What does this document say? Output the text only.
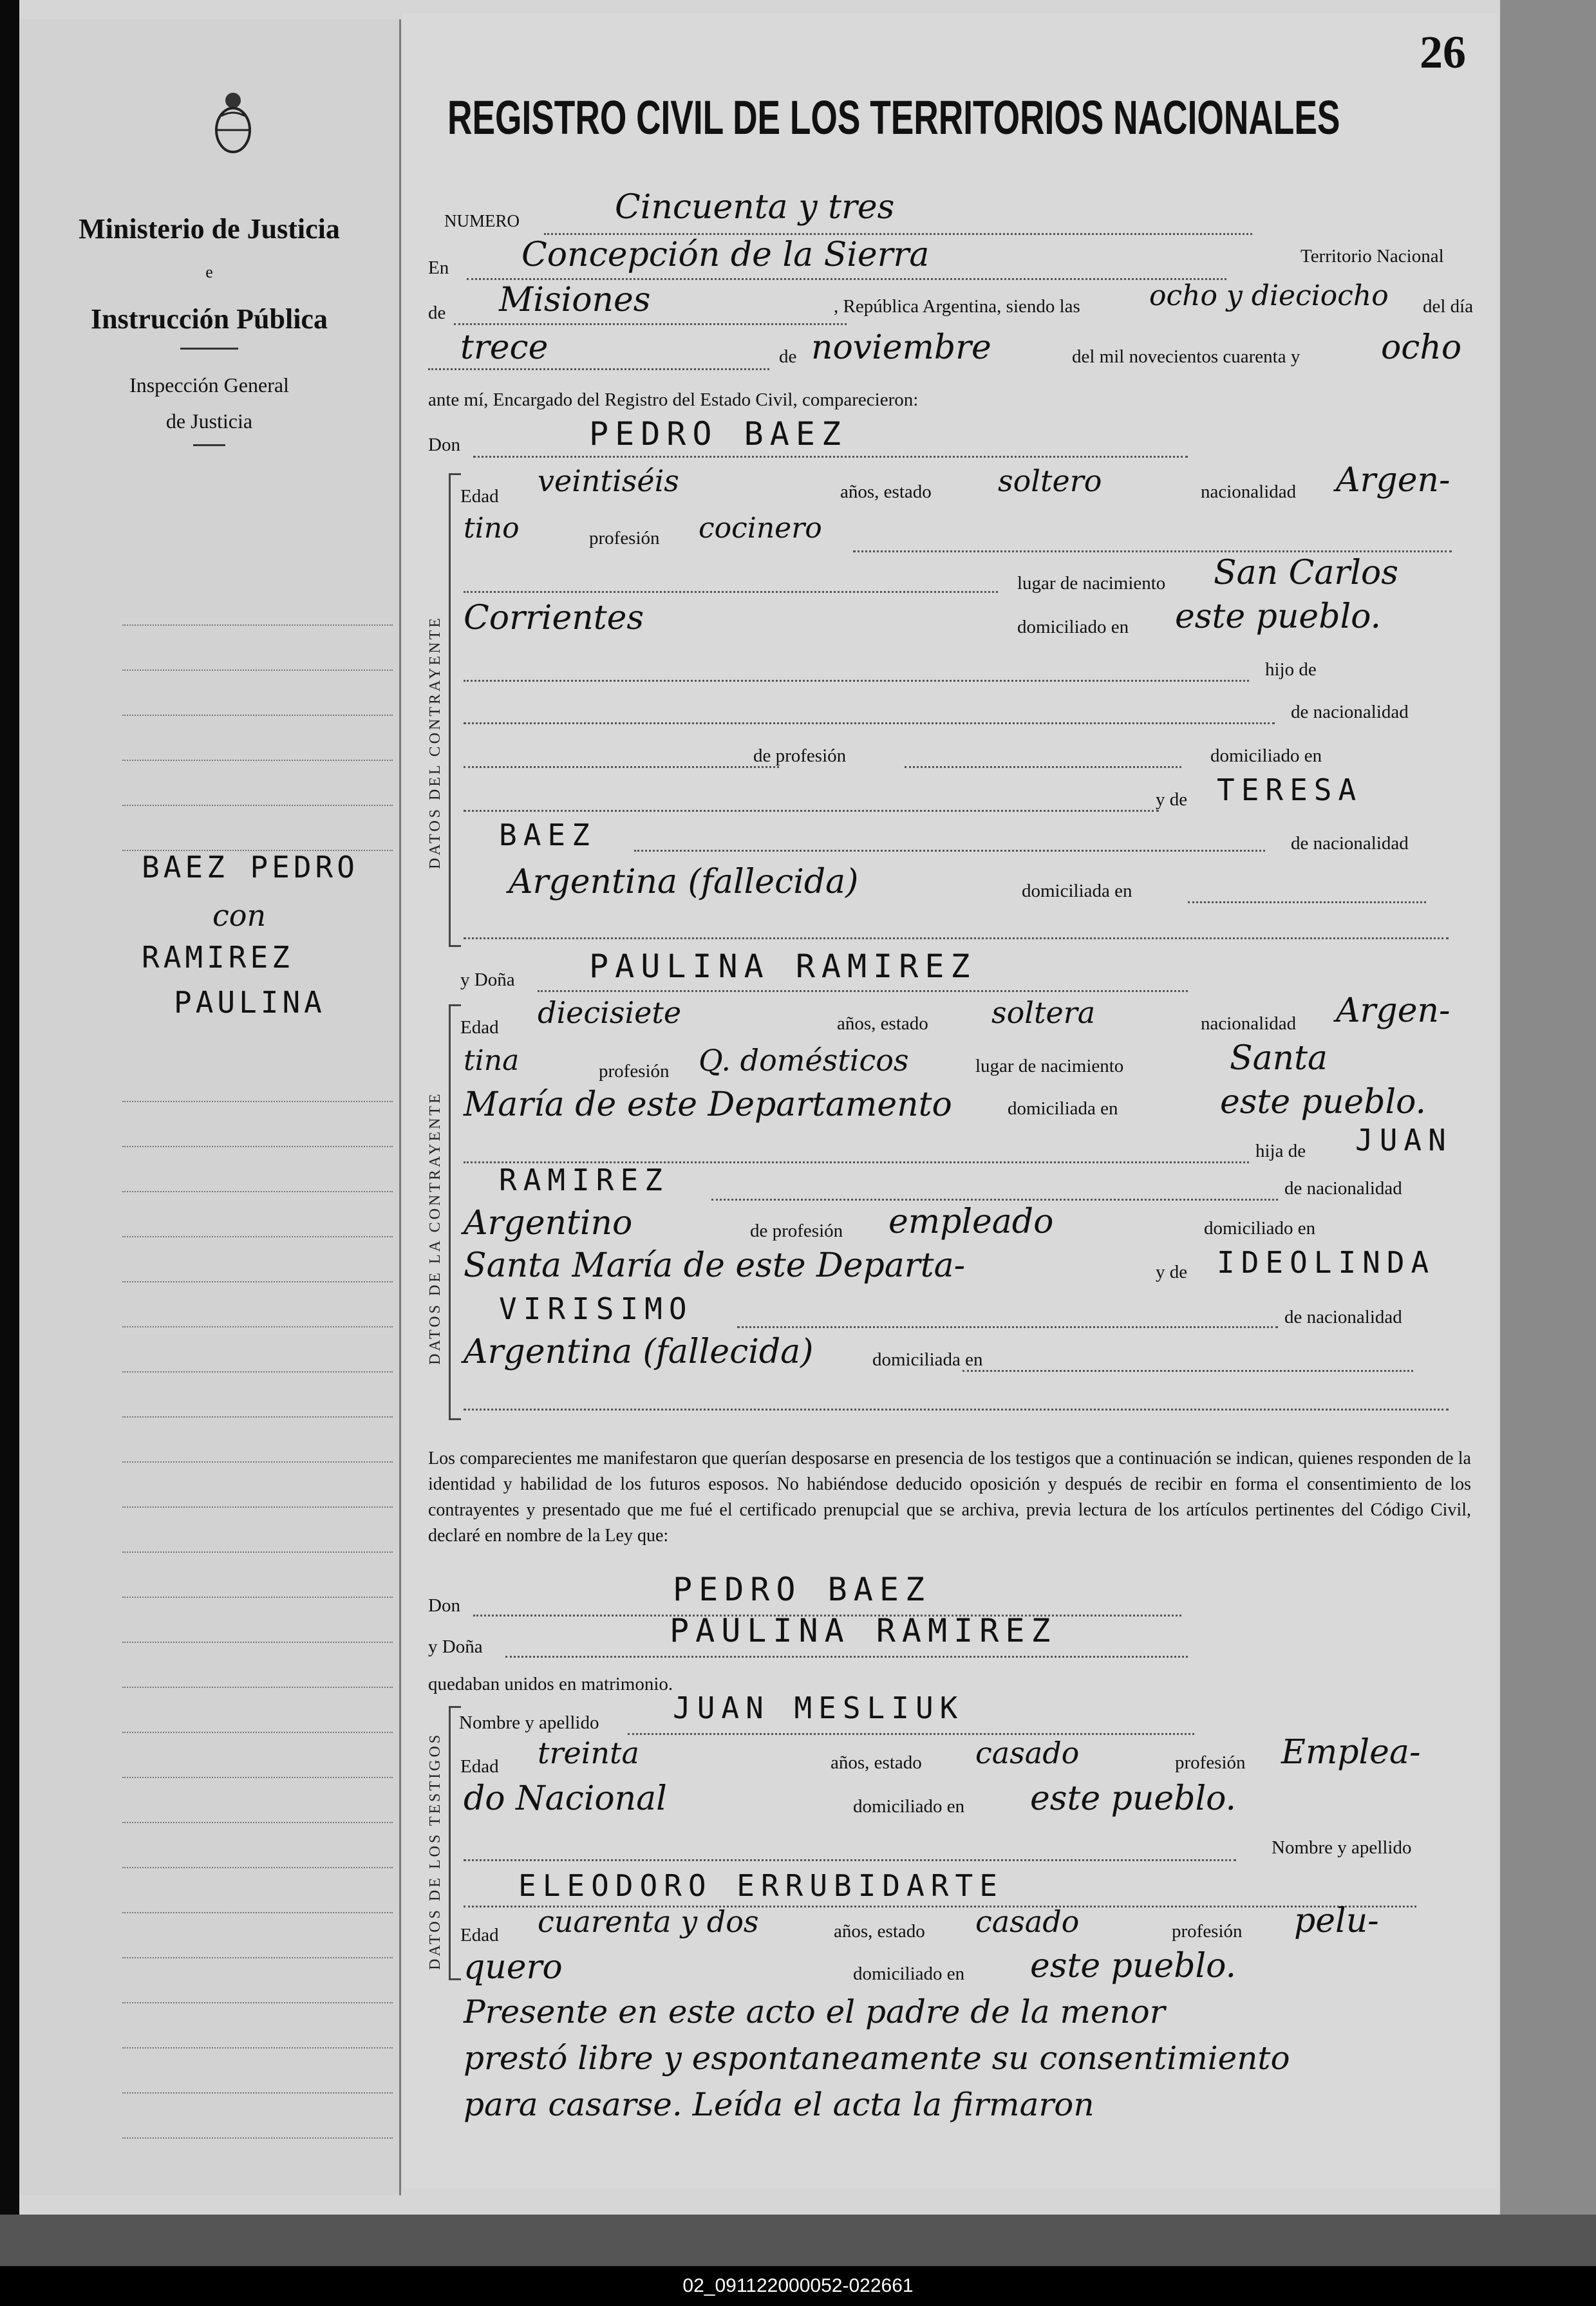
Ministerio de Justicia
e
Instrucción Pública
Inspección General
de Justicia
BAEZ PEDRO
con
RAMIREZ
PAULINA
26
REGISTRO CIVIL DE LOS TERRITORIOS NACIONALES
NUMERO	Cincuenta y tres
En Concepción de la Sierra	Territorio Nacional
de Misiones	, República Argentina, siendo las ocho y dieciocho del día
trece	de noviembre	del mil novecientos cuarenta y ocho
ante mí, Encargado del Registro del Estado Civil, comparecieron:
Don	PEDRO BAEZ
DATOS DEL CONTRAYENTE
Edad veintiséis	años, estado soltero	nacionalidad Argen-
tino	profesión cocinero
lugar de nacimiento San Carlos
Corrientes	domiciliado en este pueblo.
hijo de
de nacionalidad
de profesión	domiciliado en
y de TERESA
BAEZ	de nacionalidad
Argentina (fallecida)	domiciliada en
y Doña PAULINA RAMIREZ
DATOS DE LA CONTRAYENTE
Edad diecisiete	años, estado soltera	nacionalidad Argen-
tina	profesión Q. domésticos	lugar de nacimiento	Santa
María de este Departamento	domiciliada en	este pueblo.
hija de JUAN
RAMIREZ	de nacionalidad
Argentino	de profesión empleado	domiciliado en
Santa María de este Departa-	y de IDEOLINDA
VIRISIMO	de nacionalidad
Argentina (fallecida)	domiciliada en
Los comparecientes me manifestaron que querían desposarse en presencia de los testigos que a continuación se indican, quienes responden de la identidad y habilidad de los futuros esposos. No habiéndose deducido oposición y después de recibir en forma el consentimiento de los contrayentes y presentado que me fué el certificado prenupcial que se archiva, previa lectura de los artículos pertinentes del Código Civil, declaré en nombre de la Ley que:
Don	PEDRO BAEZ
y Doña	PAULINA RAMIREZ
quedaban unidos en matrimonio.
DATOS DE LOS TESTIGOS
Nombre y apellido JUAN MESLIUK
Edad treinta	años, estado casado	profesión Emplea-
do Nacional	domiciliado en este pueblo.
Nombre y apellido
ELEODORO ERRUBIDARTE
Edad cuarenta y dos	años, estado casado	profesión pelu-
quero	domiciliado en este pueblo.
Presente en este acto el padre de la menor
prestó libre y espontaneamente su consentimiento
para casarse. Leída el acta la firmaron
02_091122000052-022661
